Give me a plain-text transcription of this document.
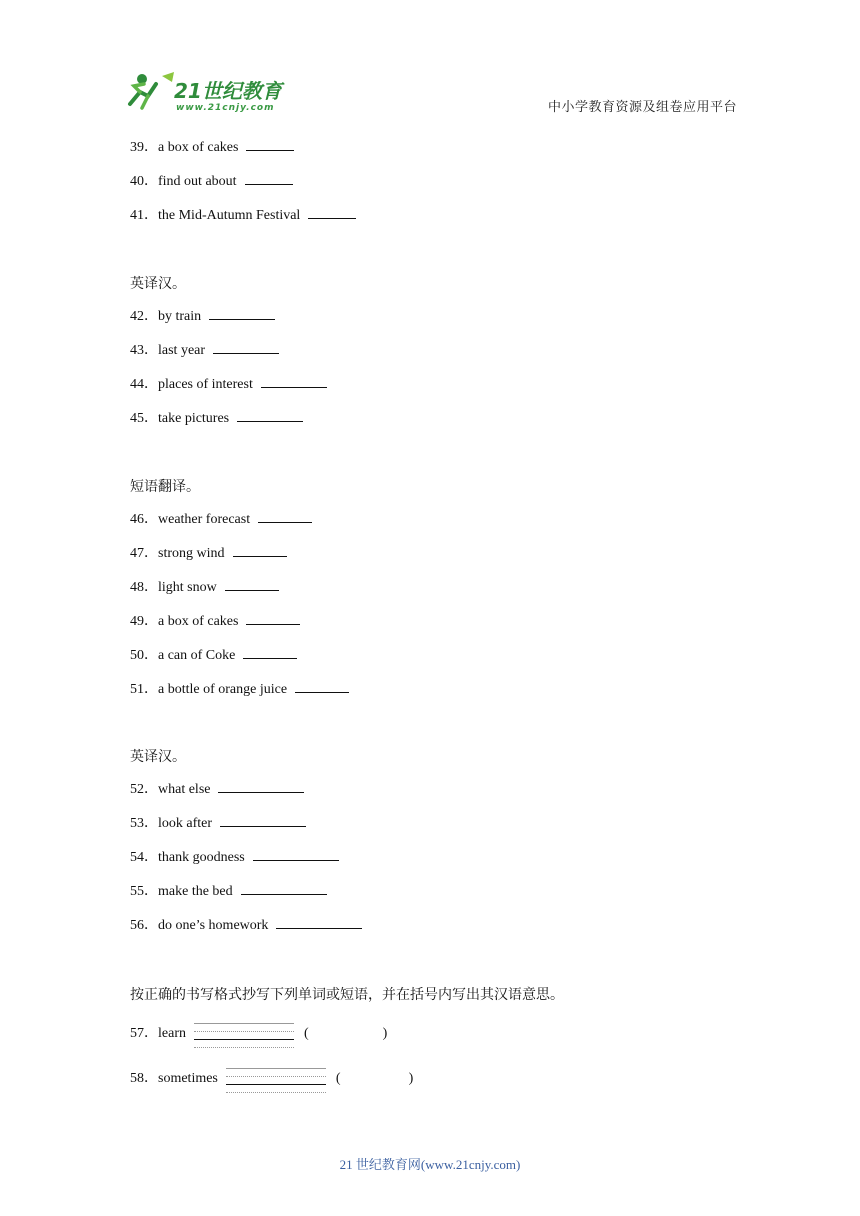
21世纪教育
www.21cnjy.com	中小学教育资源及组卷应用平台
39．a box of cakes
40．find out about
41．the Mid-Autumn Festival
英译汉。
42．by train
43．last year
44．places of interest
45．take pictures
短语翻译。
46．weather forecast
47．strong wind
48．light snow
49．a box of cakes
50．a can of Coke
51．a bottle of orange juice
英译汉。
52．what else
53．look after
54．thank goodness
55．make the bed
56．do one’s homework
按正确的书写格式抄写下列单词或短语，并在括号内写出其汉语意思。
57．learn	(	)
58．sometimes	(	)
21 世纪教育网(www.21cnjy.com)
